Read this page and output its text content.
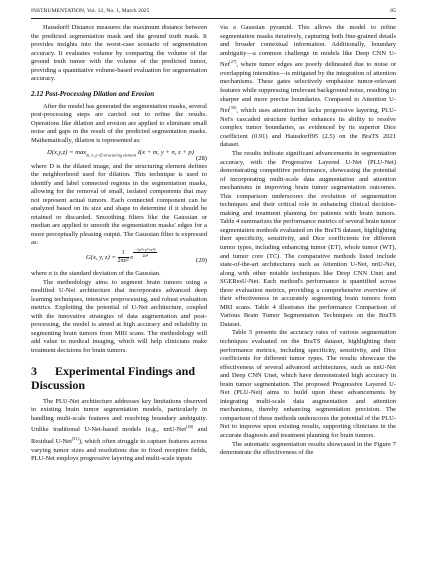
INSTRUMENTATION, Vol. 12, No. 1, March 2025	85

Hausdorff Distance measures the maximum distance between the predicted segmentation mask and the ground truth mask. It provides insights into the worst-case scenario of segmentation accuracy. It evaluates volume by comparing the volume of the ground truth tumor with the volume of the predicted tumor, providing a quantitative volume-based evaluation for segmentation accuracy.

2.12 Post-Processing Dilation and Erosion

After the model has generated the segmentation masks, several post-processing steps are carried out to refine the results. Operations like dilation and erosion are applied to eliminate small noise and gaps in the result of the predicted segmentation masks. Mathematically, dilation is represented as:

$D(x,y,z) = \max_{m, n, p \in structuring element} I(x + m$, y + n, z + p)
(28)

where D is the dilated image, and the structuring element defines the neighborhood used for dilation. This technique is used to identify and label connected regions in the segmentation masks, allowing for the removal of small, isolated components that may not represent actual tumors. Each connected component can be analyzed based on its size and shape to determine if it should be retained or discarded. Smoothing filters like the Gaussian or median are applied to smooth the segmentation masks' edges for a more perceptually pleasing output. The Gaussian filter is expressed as:

G(x, y, $z) = \frac{1}{\text{2πσ²}}$ e $\frac{\text{−(x²+y²+z²)}}{\text{2σ²}}$
(29)

where σ is the standard deviation of the Gaussian.

The methodology aims to segment brain tumors using a modified U-Net architecture that incorporates advanced deep learning techniques, intensive preprocessing, and robust evaluation metrics. Exploiting the potential of U-Net architecture, coupled with the innovative strategies of data augmentation and post-processing, the model is aimed at high accuracy and reliability in segmenting brain tumors from MRI scans. The methodology will add value to medical imaging, which will help clinicians make treatment decisions for brain tumors.

3 Experimental Findings and Discussion

The PLU-Net architecture addresses key limitations observed in existing brain tumor segmentation models, particularly in handling multi-scale features and resolving boundary ambiguity. Unlike traditional U-Net-based models (e.g., nnU-Net[28] and Residual U-Net[31]), which often struggle to capture features across varying tumor sizes and resolutions due to fixed receptive fields, PLU-Net employs progressive layering and multi-scale inputs

via a Gaussian pyramid. This allows the model to refine segmentation masks iteratively, capturing both fine-grained details and broader contextual information. Additionally, boundary ambiguity—a common challenge in models like Deep CNN U-Net[27], where tumor edges are poorly delineated due to noise or overlapping intensities—is mitigated by the integration of attention mechanisms. These gates selectively emphasize tumor-relevant features while suppressing irrelevant background noise, resulting in sharper and more precise boundaries. Compared to Attention U-Net[35], which uses attention but lacks progressive layering, PLU-Net's cascaded structure further enhances its ability to resolve complex tumor boundaries, as evidenced by its superior Dice coefficient (0.91) and Hausdorff95 (2.5) on the BraTS 2021 dataset.

The results indicate significant advancements in segmentation accuracy, with the Progressive Layered U-Net (PLU-Net) demonstrating competitive performance, showcasing the potential of incorporating multi-scale data augmentation and attention mechanisms in improving brain tumor segmentation outcomes. This comparison underscores the evolution of segmentation techniques and their critical role in enhancing clinical decision-making and treatment planning for patients with brain tumors. Table 4 summarizes the performance metrics of several brain tumor segmentation methods evaluated on the BraTS dataset, highlighting their specificity, sensitivity, and Dice coefficients for different tumor types, including enhancing tumor (ET), whole tumor (WT), and tumor core (TC). The comparative methods listed include state-of-the-art architectures such as Attention U-Net, nnU-Net, along with other notable techniques like Deep CNN Unet and SGEResU-Net. Each method's performance is quantified across three evaluation metrics, providing a comprehensive overview of their effectiveness in accurately segmenting brain tumors from MRI scans. Table 4 illustrates the performance Comparison of Various Brain Tumor Segmentation Techniques on the BraTS Dataset.

Table 5 presents the accuracy rates of various segmentation techniques evaluated on the BraTS dataset, highlighting their performance metrics, including specificity, sensitivity, and Dice coefficients for different tumor types. The results showcase the effectiveness of several advanced architectures, such as nnU-Net and Deep CNN Unet, which have demonstrated high accuracy in brain tumor segmentation. The proposed Progressive Layered U-Net (PLU-Net) aims to build upon these advancements by integrating multi-scale data augmentation and attention mechanisms, thereby enhancing segmentation precision. The comparison of these methods underscores the potential of the PLU-Net to improve upon existing results, supporting clinicians in the accurate diagnosis and treatment planning for brain tumors.

The automatic segmentation results showcased in the Figure 7 demonstrate the effectiveness of the
